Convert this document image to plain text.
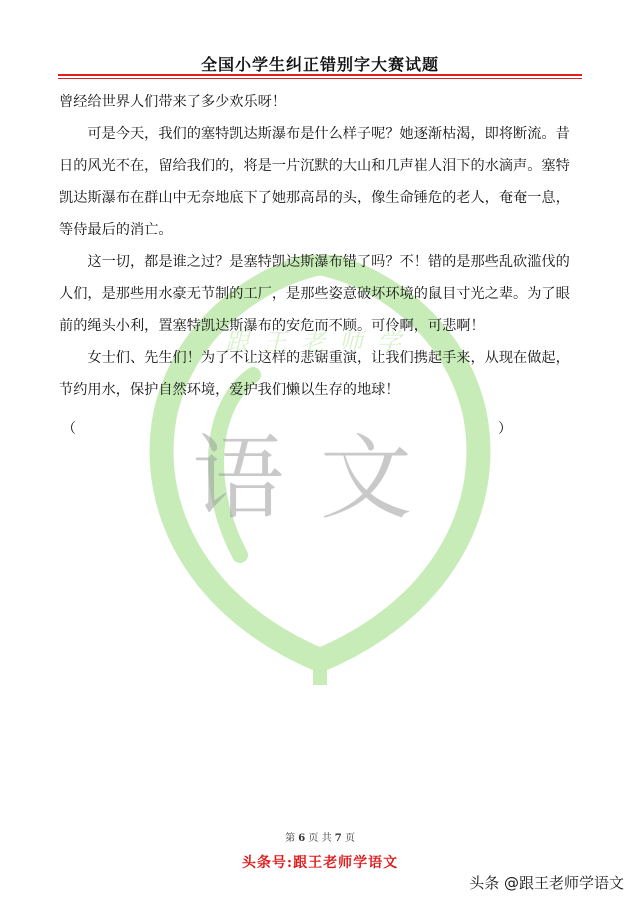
全国小学生纠正错别字大赛试题
跟王老师学
语文

曾经给世界人们带来了多少欢乐呀！

可是今天，我们的塞特凯达斯瀑布是什么样子呢？她逐渐枯渴，即将断流。昔日的风光不在，留给我们的，将是一片沉默的大山和几声崔人泪下的水滴声。塞特凯达斯瀑布在群山中无奈地底下了她那高昂的头，像生命锤危的老人，奄奄一息，等侍最后的消亡。

这一切，都是谁之过？是塞特凯达斯瀑布错了吗？不！错的是那些乱砍滥伐的人们，是那些用水豪无节制的工厂，是那些姿意破坏环境的鼠目寸光之辈。为了眼前的绳头小利，置塞特凯达斯瀑布的安危而不顾。可伶啊，可悲啊！

女士们、先生们！为了不让这样的悲锯重演，让我们携起手来，从现在做起，节约用水，保护自然环境，爱护我们懒以生存的地球！

（	）
第 6 页 共 7 页
头条号:跟王老师学语文
头条 @跟王老师学语文
